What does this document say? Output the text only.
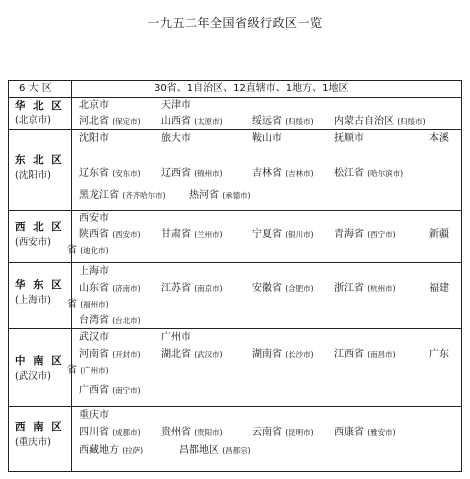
一九五二年全国省级行政区一览
6 大 区	30省、1自治区、12直辖市、1地方、1地区
华 北 区
(北京市)
北京市	天津市
河北省 (保定市) 山西省 (太原市)	绥远省 (归绥市) 内蒙古自治区 (归绥市)
东 北 区
(沈阳市)
沈阳市	旅大市	鞍山市	抚顺市	本溪
辽东省 (安东市) 辽西省 (锦州市)	吉林省 (吉林市) 松江省 (哈尔滨市)
黑龙江省 (齐齐哈尔市) 热河省 (承德市)
西 北 区
(西安市)
西安市
陕西省 (西安市) 甘肃省 (兰州市)	宁夏省 (银川市) 青海省 (西宁市)	新疆
省 (迪化市)
华 东 区
(上海市)
上海市
山东省 (济南市) 江苏省 (南京市)	安徽省 (合肥市) 浙江省 (杭州市)	福建
省 (福州市)
台湾省 (台北市)
中 南 区
(武汉市)
武汉市	广州市
河南省 (开封市) 湖北省 (武汉市)	湖南省 (长沙市) 江西省 (南昌市)	广东
省 (广州市)
广西省 (南宁市)
西 南 区
(重庆市)
重庆市
四川省 (成都市) 贵州省 (贵阳市)	云南省 (昆明市) 西康省 (雅安市)
西藏地方 (拉萨)	昌都地区 (昌都宗)
